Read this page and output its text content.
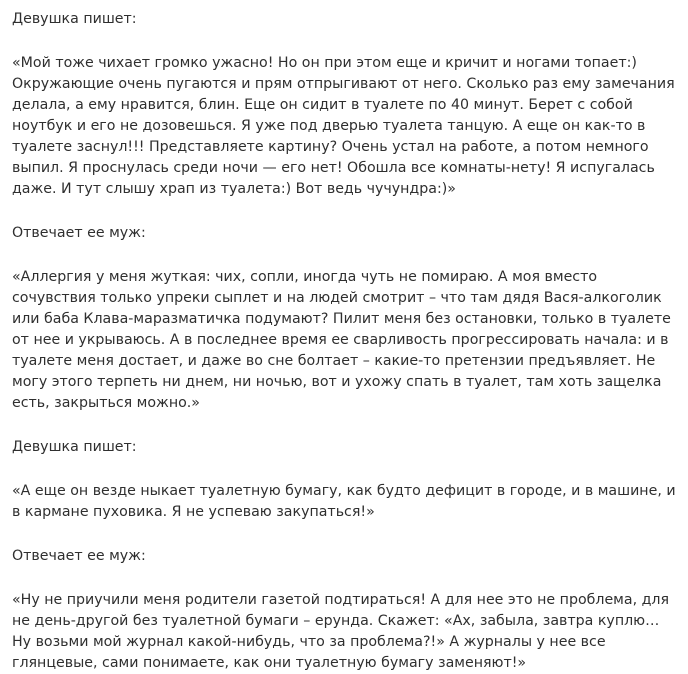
Девушка пишет:

«Мой тоже чихает громко ужасно! Но он при этом еще и кричит и ногами топает:) Окружающие очень пугаются и прям отпрыгивают от него. Сколько раз ему замечания делала, а ему нравится, блин. Еще он сидит в туалете по 40 минут. Берет с собой ноутбук и его не дозовешься. Я уже под дверью туалета танцую. А еще он как-то в туалете заснул!!! Представляете картину? Очень устал на работе, а потом немного выпил. Я проснулась среди ночи — его нет! Обошла все комнаты-нету! Я испугалась даже. И тут слышу храп из туалета:) Вот ведь чучундра:)»

Отвечает ее муж:

«Аллергия у меня жуткая: чих, сопли, иногда чуть не помираю. А моя вместо сочувствия только упреки сыплет и на людей смотрит – что там дядя Вася-алкоголик или баба Клава-маразматичка подумают? Пилит меня без остановки, только в туалете от нее и укрываюсь. А в последнее время ее сварливость прогрессировать начала: и в туалете меня достает, и даже во сне болтает – какие-то претензии предъявляет. Не могу этого терпеть ни днем, ни ночью, вот и ухожу спать в туалет, там хоть защелка есть, закрыться можно.»

Девушка пишет:

«А еще он везде ныкает туалетную бумагу, как будто дефицит в городе, и в машине, и в кармане пуховика. Я не успеваю закупаться!»

Отвечает ее муж:

«Ну не приучили меня родители газетой подтираться! А для нее это не проблема, для не день-другой без туалетной бумаги – ерунда. Скажет: «Ах, забыла, завтра куплю… Ну возьми мой журнал какой-нибудь, что за проблема?!» А журналы у нее все глянцевые, сами понимаете, как они туалетную бумагу заменяют!»
